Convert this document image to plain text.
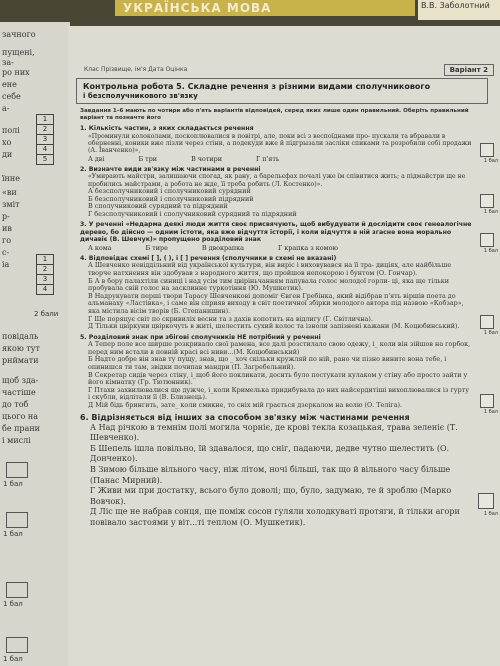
УКРАЇНСЬКА МОВА	В.В. Заболотний
зачного
пущені,
за-
ро них
ене
себе
а-
полі
хо
ди
їнне
«ви
зміт
р-
ив
го
с-
іа
повідаль
якою тут
рнймати
щоб зда-
частіше
до тоб
цього на
бе прани
і мислі
1
2
3
4
5
1
2
3
4
2 бали
1 бал
1 бал
1 бал
1 бал
Клас Прізвище, ім'я Дата Оцінка	Варіант 2
Контрольна робота 5. Складне речення з різними видами сполучникового
і безсполучникового зв'язку
Завдання 1–6 мають по чотири або п'ять варіантів відповідей, серед яких лише один правильний. Оберіть правильний варіант та позначте його
1. Кількість частин, з яких складається речення
«Проминули колоколами, поскоплювалися в повітрі, але, поки всі з веспоїднами про- пускали та вбравали в оберненні, коники вже лізли через стіни, а подекуди вже й підгрызали засліки спиками та розробили собі продажи (А. Іванченко)»,
А дві	Б три	В чотири	Г п'ять	1 бал
2. Визначте види зв'язку між частинами в реченні
«Умирають майстри, залишаючи спогад, як рану, а барельєфах почалі уже їм співитися жить; а підмайстри ще не пробились майстрами, а робота не жде, її треба робить (Л. Костенко)».
А безсполучниковий і сполучниковий сурядний
Б безсполучниковий і сполучниковий підрядний
В сполучниковий сурядний та підрядний
Г безсполучниковий і сполучниковий сурядний та підрядний	1 бал
3. У реченні «Недарма деякі люди життя своє присвячують, щоб вибудувати й дослідити своє генеалогічне дерево, бо дійсно — одним істоти, яка вже відчуття історії, і коли відчуття в ній згасне вона морально дичавіє (В. Шевчук)» пропущено розділовий знак
А кома	Б тире	В двокрапка	Г крапка з комою	1 бал
4. Відповідає схемі [ ], ( ), і [ ] речення (сполучники в схемі не вказані)
А Шевченко невіддільний від української культури, він виріс і виховувався на її тра- диціях, але найбільше творче натхнення він здобував з народного життя, що пройшов непокорою і бунтом (О. Гончар).
Б А в бору палахтіли синиці і над усім тим цвіріньчанням папувала голос молодої горли- ці, яка ще тільки пробувала свій голос на засклинне туркотіння (Ю. Мушкетик).
В Надрукувати перші твори Тарасу Шевченкові допоміг Євген Гребінка, який відібрав п'ять віршів поета до альманаху «Ластівка», і саме він сприяв виходу в світ поетичної збірки молодого автора під назвою «Кобзар», яка містила вісім творів (Б. Степанишин).
Г Ще поряцує світ по скривиліх весни та з дахів копотить на відлигу (Г. Світлична).
Д Тільки цвіркуни цвіркочуть в житі, шелестить сухий колос та ізноли запізнені кажани (М. Коцюбинський).
1 бал
5. Розділовий знак при збігові сполучників НЕ потрібний у реченні
А Тепер поле все ширше розкривало свої рамена, все далі розстилало свою одежу, і_ коли він зійшов на горбок, перед ним встали в повній красі всі ниви...(М. Коцюбинський)
Б Надто добре він знав ту пущу, знав, що _ хоч скільки кружляй по ній, рано чи пізно вините вона тебе, і опинишся ти там, звідки почипав мандри (П. Загребельний).
В Секретар сидів через стіну, і_щоб його покликати, досить було постукати кулаком у стіну або просто зайти у його кімнатку (Гр. Тютюнник).
Г Птахи захвилювалися ще дужче, і_коли Кримелька придибувала до них найсердитіші вихоплювалися із гурту і скубли, відлітали її (В. Близнець).
Д Мій бідь брингить, зате_ коли смикне, то сніх мій грається дзеркалом на волю (О. Теліга).
1 бал
6. Відрізняється від інших за способом зв'язку між частинами речення
А Над річкою в темнім полі могила чорніє, де крові текла козацькая, трава зеленіє (Т. Шевченко).
Б Шепель ішла повільно, їй здавалося, що сніг, падаючи, дедве чутно шелестить (О. Донченко).
В Зимою більше вільного часу, ніж літом, ночі більші, так що й вільного часу більше (Панас Мирний).
Г Живи ми при достатку, всього було доволі; що, було, задумаю, те й зроблю (Марко Вовчок).
Д Ліс ще не набрав сонця, ще поміж сосон гуляли холодкуваті протяги, й тільки агори повівало застоями у віт...ті теплом (О. Мушкетик).
1 бал
